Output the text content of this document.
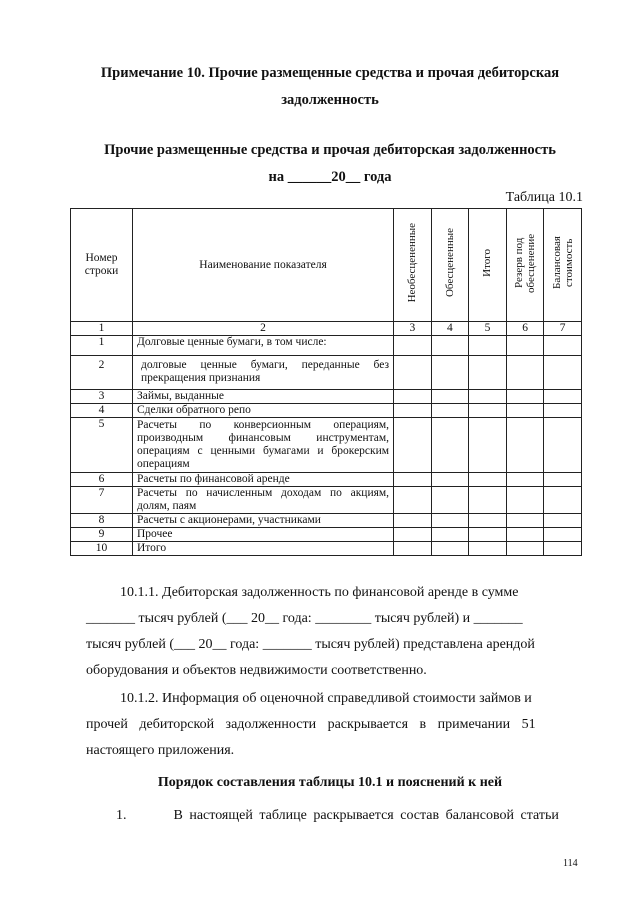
Примечание 10. Прочие размещенные средства и прочая дебиторская
задолженность
Прочие размещенные средства и прочая дебиторская задолженность
на ______20__ года
Таблица 10.1
Номер строки	Наименование показателя	Необесцененные	Обесцененные	Итого	Резерв под обесценение	Балансовая стоимость
1	2	3	4	5	6	7
1	Долговые ценные бумаги, в том числе:					
2	долговые ценные бумаги, переданные без прекращения признания					
3	Займы, выданные					
4	Сделки обратного репо					
5	Расчеты по конверсионным операциям, производным финансовым инструментам, операциям с ценными бумагами и брокерским операциям					
6	Расчеты по финансовой аренде					
7	Расчеты по начисленным доходам по акциям, долям, паям					
8	Расчеты с акционерами, участниками					
9	Прочее					
10	Итого					
10.1.1. Дебиторская задолженность по финансовой аренде в сумме
_______ тысяч рублей (___ 20__ года: ________ тысяч рублей) и _______
тысяч рублей (___ 20__ года: _______ тысяч рублей) представлена арендой
оборудования и объектов недвижимости соответственно.
10.1.2. Информация об оценочной справедливой стоимости займов и
прочей дебиторской задолженности раскрывается в примечании 51
настоящего приложения.
Порядок составления таблицы 10.1 и пояснений к ней
1.	В настоящей таблице раскрывается состав балансовой статьи
114
